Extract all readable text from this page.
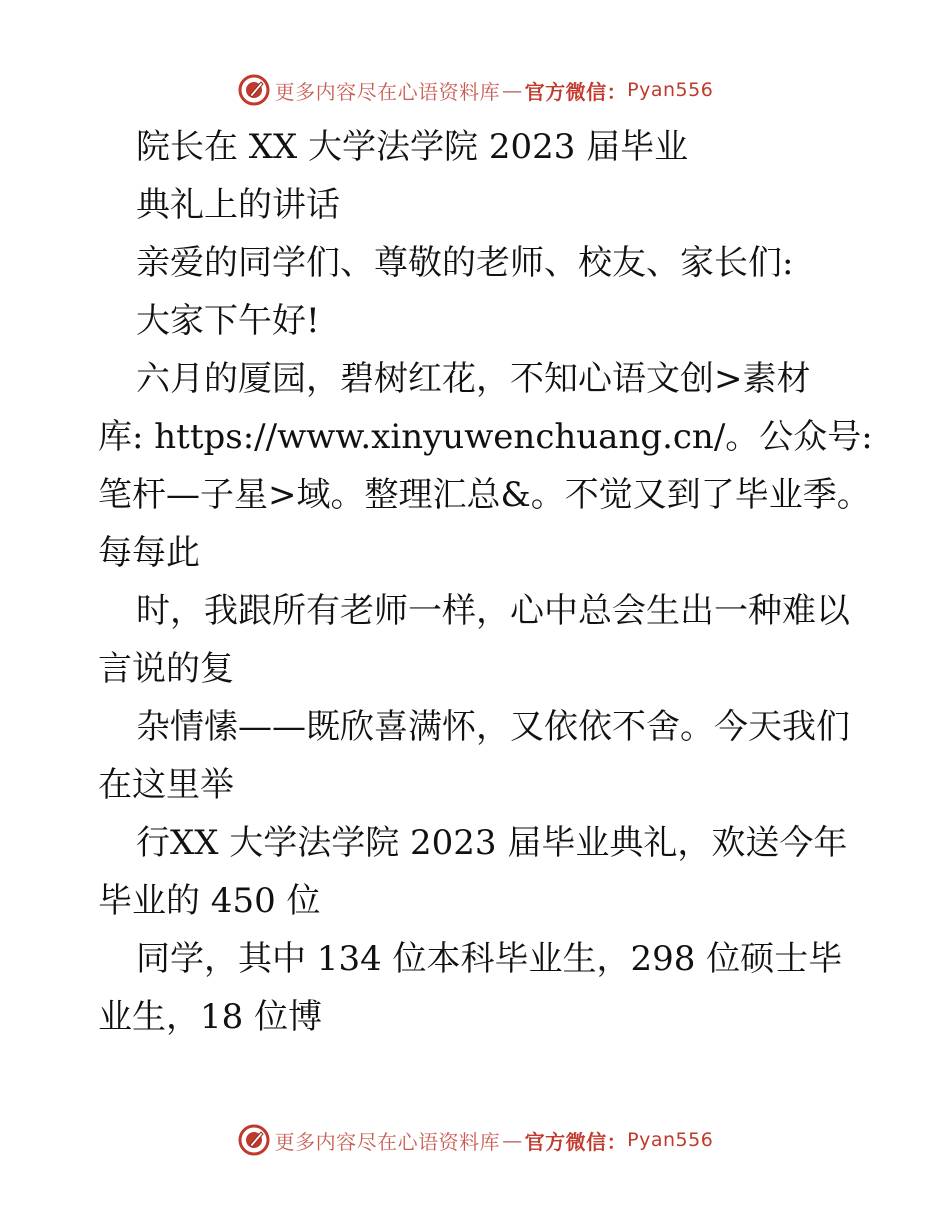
更多内容尽在心语资料库 — 官方微信： Pyan556
院长在 XX 大学法学院 2023 届毕业
典礼上的讲话
亲爱的同学们、尊敬的老师、校友、家长们:
大家下午好!
六月的厦园，碧树红花，不知心语文创>素材
库: https://www.xinyuwenchuang.cn/。公众号:
笔杆—子星>域。整理汇总&。不觉又到了毕业季。
每每此
时，我跟所有老师一样，心中总会生出一种难以
言说的复
杂情愫——既欣喜满怀，又依依不舍。今天我们
在这里举
行XX 大学法学院 2023 届毕业典礼，欢送今年
毕业的 450 位
同学，其中 134 位本科毕业生，298 位硕士毕
业生，18 位博
更多内容尽在心语资料库 — 官方微信： Pyan556
